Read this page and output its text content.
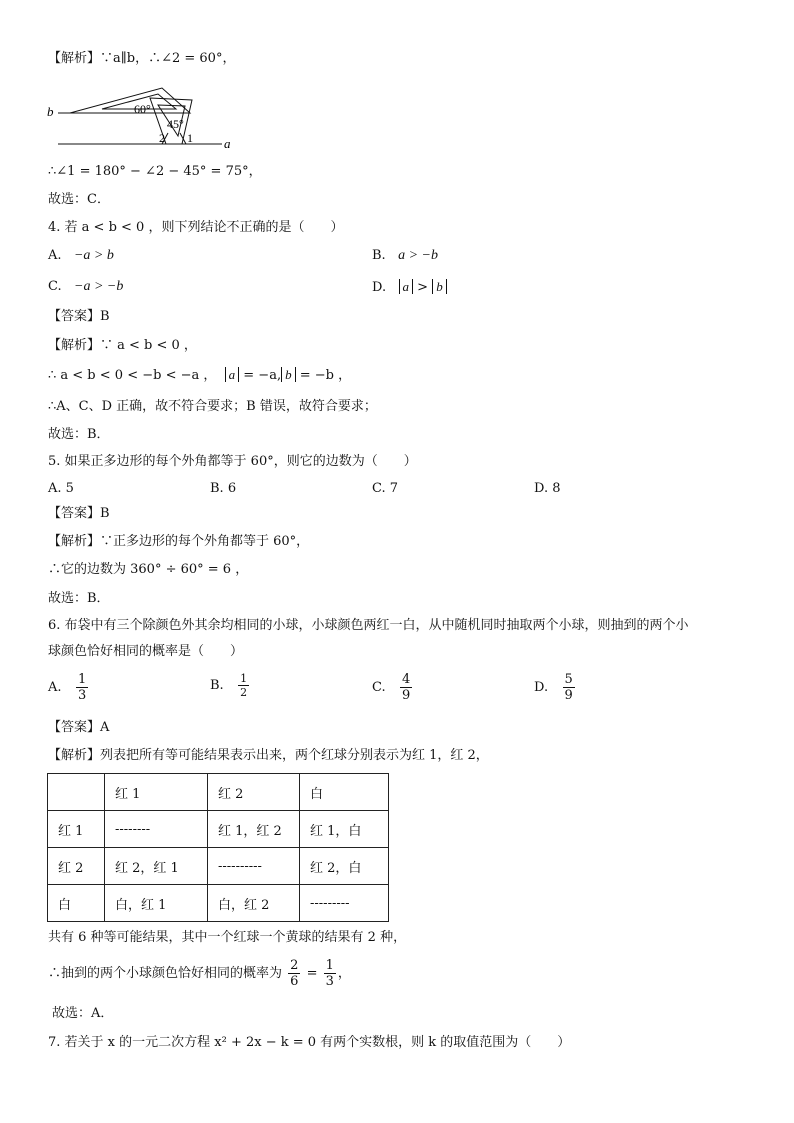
【解析】∵a∥b，∴∠2 = 60°，
b
a
60°
45°
2 1
∴∠1 = 180° − ∠2 − 45° = 75°，
故选：C．
4. 若 a < b < 0 ，则下列结论不正确的是（　　）
A. −a > b	B. a > −b
C. −a > −b	D. a > b
【答案】B
【解析】∵ a < b < 0 ，
∴ a < b < 0 < −b < −a ， a = −a, b = −b ，
∴A、C、D 正确，故不符合要求；B 错误，故符合要求；
故选：B．
5. 如果正多边形的每个外角都等于 60°，则它的边数为（　　）
A. 5	B. 6	C. 7	D. 8
【答案】B
【解析】∵正多边形的每个外角都等于 60°，
∴它的边数为 360° ÷ 60° = 6 ，
故选：B．
6. 布袋中有三个除颜色外其余均相同的小球，小球颜色两红一白，从中随机同时抽取两个小球，则抽到的两个小
球颜色恰好相同的概率是（　　）
A. $\frac{1}{3}$	B. $\frac{1}{2}$	C. $\frac{4}{9}$	D. $\frac{5}{9}$
【答案】A
【解析】列表把所有等可能结果表示出来，两个红球分别表示为红 1，红 2，
	红 1	红 2	白
红 1	--------	红 1，红 2	红 1，白
红 2	红 2，红 1	----------	红 2，白
白	白，红 1	白，红 2	---------
共有 6 种等可能结果，其中一个红球一个黄球的结果有 2 种，
∴抽到的两个小球颜色恰好相同的概率为 $\frac{2}{6} = \frac{1}{3}$ ，
故选：A．
7. 若关于 x 的一元二次方程 x² + 2x − k = 0 有两个实数根，则 k 的取值范围为（　　）
